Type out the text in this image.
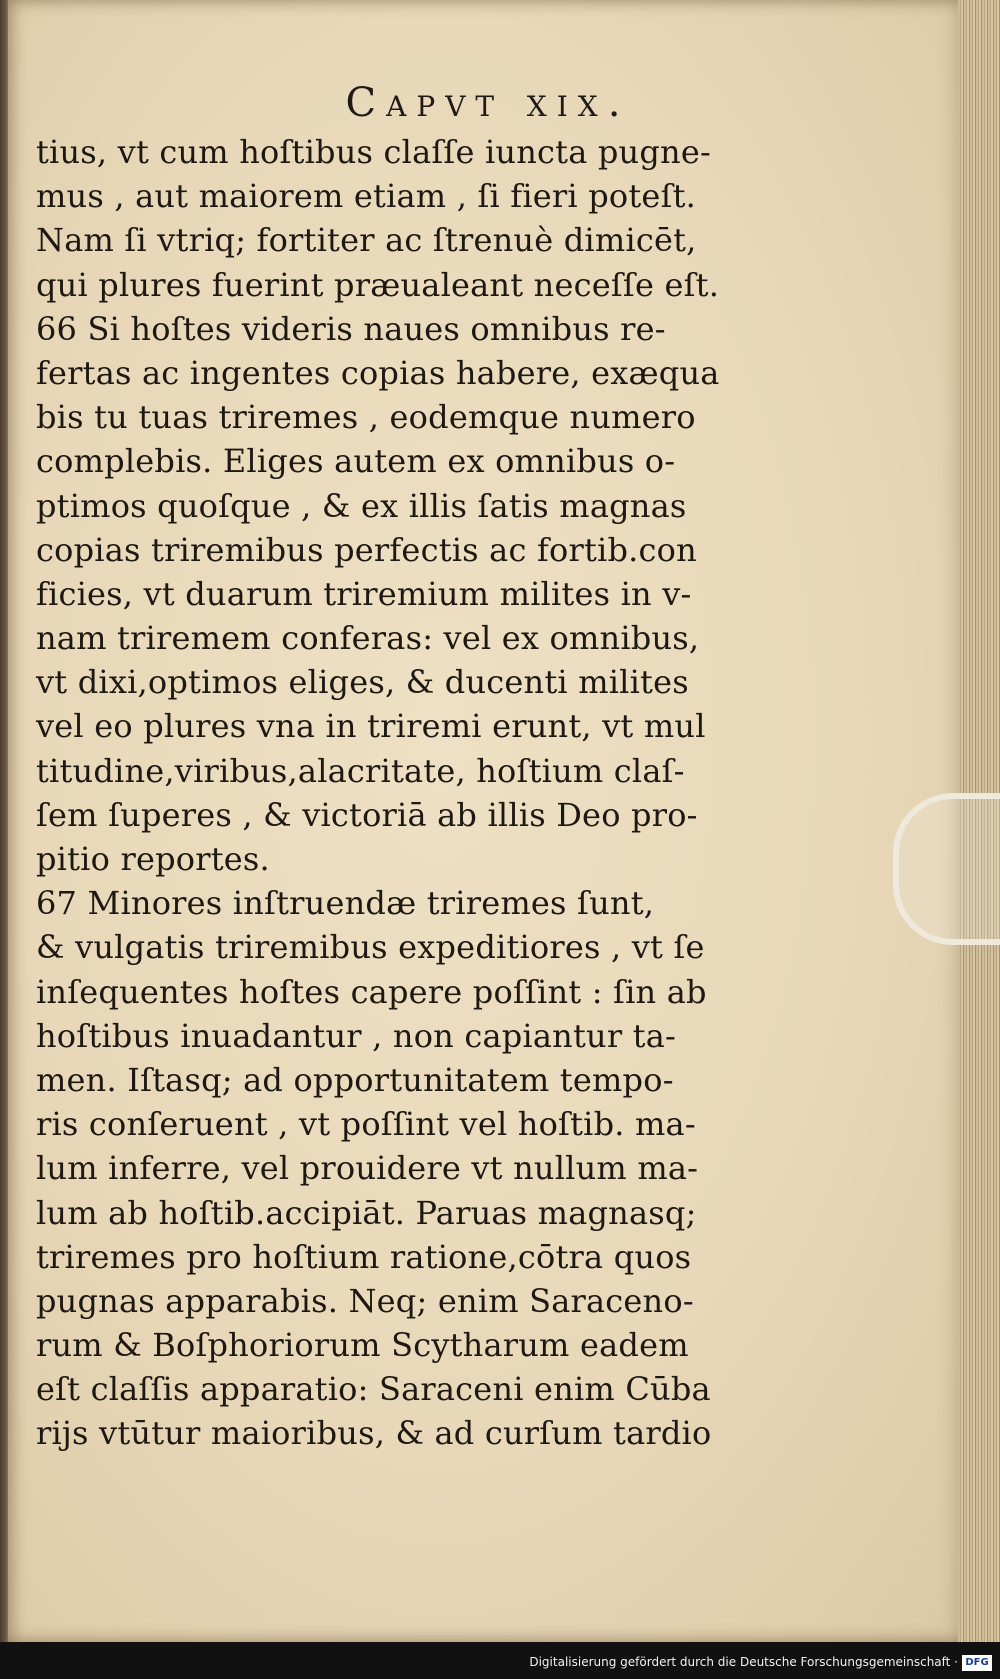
Capvt xix.
tius, vt cum hoſtibus claſſe iuncta pugne-
mus , aut maiorem etiam , ſi fieri poteſt.
Nam ſi vtriq; fortiter ac ſtrenuè dimicēt,
qui plures fuerint præualeant neceſſe eſt.
66 Si hoſtes videris naues omnibus re-
fertas ac ingentes copias habere, exæqua
bis tu tuas triremes , eodemque numero
complebis. Eliges autem ex omnibus o-
ptimos quoſque , & ex illis ſatis magnas
copias triremibus perfectis ac fortib.con
ficies, vt duarum triremium milites in v-
nam triremem conferas: vel ex omnibus,
vt dixi,optimos eliges, & ducenti milites
vel eo plures vna in triremi erunt, vt mul
titudine,viribus,alacritate, hoſtium claſ-
ſem ſuperes , & victoriā ab illis Deo pro-
pitio reportes.
67 Minores inſtruendæ triremes ſunt,
& vulgatis triremibus expeditiores , vt ſe
inſequentes hoſtes capere poſſint : ſin ab
hoſtibus inuadantur , non capiantur ta-
men. Iſtasq; ad opportunitatem tempo-
ris conſeruent , vt poſſint vel hoſtib. ma-
lum inferre, vel prouidere vt nullum ma-
lum ab hoſtib.accipiāt. Paruas magnasq;
triremes pro hoſtium ratione,cōtra quos
pugnas apparabis. Neq; enim Saraceno-
rum & Boſphoriorum Scytharum eadem
eſt claſſis apparatio: Saraceni enim Cūba
rijs vtūtur maioribus, & ad curſum tardio
Digitalisierung gefördert durch die Deutsche Forschungsgemeinschaft · DFG
